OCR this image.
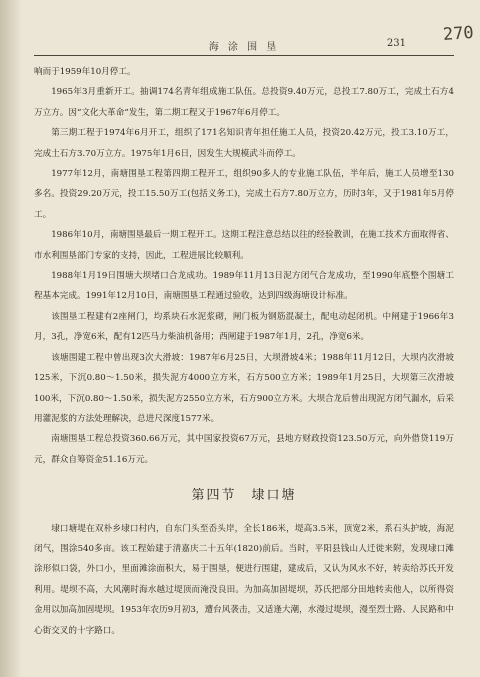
海 涂 围 垦	231 270

响而于1959年10月停工。

1965年3月重新开工。抽调174名青年组成施工队伍。总投资9.40万元，总投工7.80万工，完成土石方4万立方。因“文化大革命”发生，第二期工程又于1967年6月停工。

第三期工程于1974年6月开工，组织了171名知识青年担任施工人员，投资20.42万元，投工3.10万工，完成土石方3.70万立方。1975年1月6日，因发生大规模武斗而停工。

1977年12月，南塘围垦工程第四期工程开工，组织90多人的专业施工队伍，半年后，施工人员增至130多名。投资29.20万元，投工15.50万工(包括义务工)，完成土石方7.80万立方，历时3年，又于1981年5月停工。

1986年10月，南塘围垦最后一期工程开工。这期工程注意总结以往的经验教训，在施工技术方面取得省、市水利围垦部门专家的支持，因此，工程进展比较顺利。

1988年1月19日围塘大坝堵口合龙成功。1989年11月13日泥方闭气合龙成功，至1990年底整个围塘工程基本完成。1991年12月10日，南塘围垦工程通过验收，达到四级海塘设计标准。

该围垦工程建有2座闸门，均系块石水泥浆砌，闸门板为钢筋混凝土，配电动起闭机。中闸建于1966年3月，3孔，净宽6米，配有12匹马力柴油机备用；西闸建于1987年1月，2孔，净宽6米。

该塘围建工程中曾出现3次大滑坡：1987年6月25日，大坝滑坡4米；1988年11月12日，大坝内次滑坡125米，下沉0.80～1.50米，损失泥方4000立方米，石方500立方米；1989年1月25日，大坝第三次滑坡100米，下沉0.80～1.50米，损失泥方2550立方米，石方900立方米。大坝合龙后曾出现泥方闭气漏水，后采用灌泥浆的方法处理解决，总进尺深度1577米。

南塘围垦工程总投资360.66万元，其中国家投资67万元，县地方财政投资123.50万元，向外借贷119万元，群众自筹资金51.16万元。

第四节　埭口塘

埭口塘堤在双朴乡埭口村内，自东门头至岙头岸，全长186米，堤高3.5米，顶宽2米，系石头护坡，海泥闭气，围涂540多亩。该工程始建于清嘉庆二十五年(1820)前后。当时，平阳县钱山人迁徙来附，发现埭口滩涂形似口袋，外口小，里面滩涂面积大，易于围垦，便进行围建，建成后，又认为风水不好，转卖给苏氏开发利用。堤坝不高，大风潮时海水越过堤顶而淹没良田。为加高加固堤坝，苏氏把部分田地转卖他人，以所得资金用以加高加固堤坝。1953年农历9月初3，遭台风袭击，又适逢大潮，水漫过堤坝，漫至烈士路、人民路和中心街交叉的十字路口。
